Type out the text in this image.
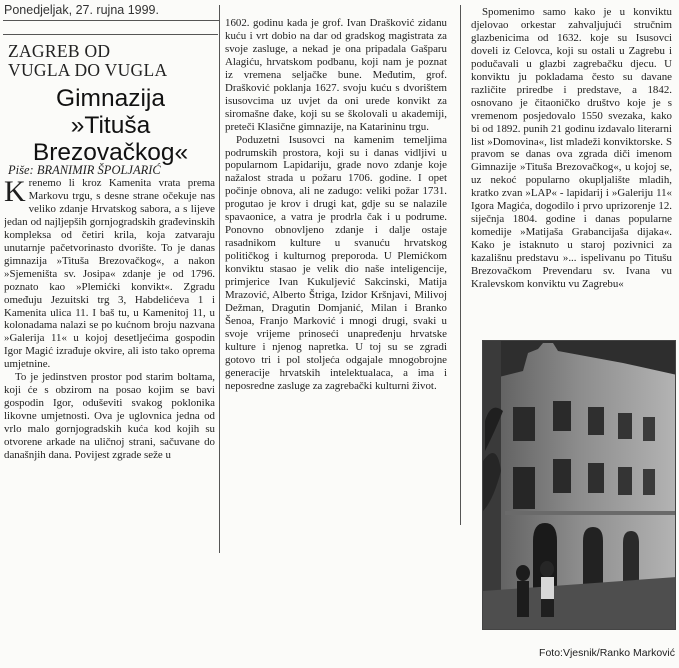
Ponedjeljak, 27. rujna 1999.
ZAGREB OD
VUGLA DO VUGLA
Gimnazija
»Tituša
Brezovačkog«
Piše: BRANIMIR ŠPOLJARIĆ

Krenemo li kroz Kamenita vrata prema Markovu trgu, s desne strane očekuje nas veliko zdanje Hrvatskog sabora, a s lijeve jedan od najljepših gornjogradskih građevinskih kompleksa od četiri krila, koja zatvaraju unutarnje pačetvorinasto dvorište. To je danas gimnazija »Tituša Brezovačkog«, a nakon »Sjemeništa sv. Josipa« zdanje je od 1796. poznato kao »Plemićki konvikt«. Zgradu omeđuju Jezuitski trg 3, Habdelićeva 1 i Kamenita ulica 11. I baš tu, u Kamenitoj 11, u kolonadama nalazi se po kućnom broju nazvana »Galerija 11« u kojoj desetljećima gospodin Igor Magić izrađuje okvire, ali isto tako oprema umjetnine.

To je jedinstven prostor pod starim boltama, koji će s obzirom na posao kojim se bavi gospodin Igor, oduševiti svakog poklonika likovne umjetnosti. Ova je uglovnica jedna od vrlo malo gornjogradskih kuća kod kojih su otvorene arkade na uličnoj strani, sačuvane do današnjih dana. Povijest zgrade seže u

1602. godinu kada je grof. Ivan Drašković zidanu kuću i vrt dobio na dar od gradskog magistrata za svoje zasluge, a nekad je ona pripadala Gašparu Alagiću, hrvatskom podbanu, koji nam je poznat iz vremena seljačke bune. Međutim, grof. Drašković poklanja 1627. svoju kuću s dvorištem isusovcima uz uvjet da oni urede konvikt za siromašne đake, koji su se školovali u akademiji, preteči Klasične gimnazije, na Katarininu trgu.

Poduzetni Isusovci na kamenim temeljima podrumskih prostora, koji su i danas vidljivi u popularnom Lapidariju, grade novo zdanje koje nažalost strada u požaru 1706. godine. I opet počinje obnova, ali ne zadugo: veliki požar 1731. progutao je krov i drugi kat, gdje su se nalazile spavaonice, a vatra je prodrla čak i u podrume. Ponovno obnovljeno zdanje i dalje ostaje rasadnikom kulture u svanuću hrvatskog političkog i kulturnog preporoda. U Plemićkom konviktu stasao je velik dio naše inteligencije, primjerice Ivan Kukuljević Sakcinski, Matija Mrazović, Alberto Štriga, Izidor Kršnjavi, Milivoj Dežman, Dragutin Domjanić, Milan i Branko Šenoa, Franjo Marković i mnogi drugi, svaki u svoje vrijeme prinoseći unapređenju hrvatske kulture i njenog napretka. U toj su se zgradi gotovo tri i pol stoljeća odgajale mnogobrojne generacije hrvatskih intelektualaca, a ima i neposredne zasluge za zagrebački kulturni život.

Spomenimo samo kako je u konviktu djelovao orkestar zahvaljujući stručnim glazbenicima od 1632. koje su Isusovci doveli iz Celovca, koji su ostali u Zagrebu i podučavali u glazbi zagrebačku djecu. U konviktu ju pokladama često su davane različite priredbe i predstave, a 1842. osnovano je čitaoničko društvo koje je s vremenom posjedovalo 1550 svezaka, kako bi od 1892. punih 21 godinu izdavalo literarni list »Domovina«, list mladeži konviktorske. S pravom se danas ova zgrada diči imenom Gimnazije »Tituša Brezovačkog«, u kojoj se, uz nekoć popularno okupljalište mladih, kratko zvan »LAP« - lapidarij i »Galeriju 11« Igora Magića, dogodilo i prvo uprizorenje 12. siječnja 1804. godine i danas popularne komedije »Matijaša Grabancijaša dijaka«. Kako je istaknuto u staroj pozivnici za kazališnu predstavu »... ispelivanu po Titušu Brezovačkom Prevendaru sv. Ivana vu Kralevskom konviktu vu Zagrebu«

Foto:Vjesnik/Ranko Marković
